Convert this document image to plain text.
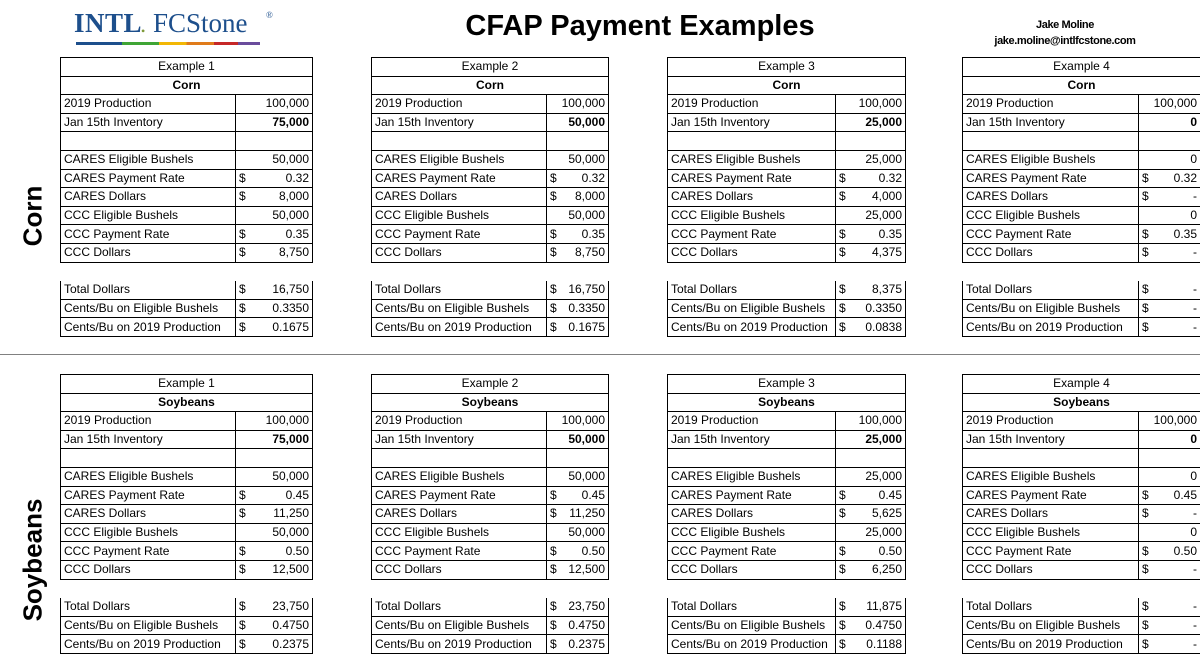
INTL
• FCStone ®	CFAP Payment Examples	Jake Moline
jake.moline@intlfcstone.com
Corn
Soybeans
Example 1	
Corn	
2019 Production	100,000
Jan 15th Inventory	75,000

CARES Eligible Bushels	50,000
CARES Payment Rate	$ 0.32

CARES Dollars	$ 8,000

CCC Eligible Bushels	50,000
CCC Payment Rate	$ 0.35

CCC Dollars	$ 8,750

Total Dollars	$ 16,750

Cents/Bu on Eligible Bushels	$ 0.3350

Cents/Bu on 2019 Production	$ 0.1675
Example 2	
Corn	
2019 Production	100,000
Jan 15th Inventory	50,000

CARES Eligible Bushels	50,000
CARES Payment Rate	$ 0.32

CARES Dollars	$ 8,000

CCC Eligible Bushels	50,000
CCC Payment Rate	$ 0.35

CCC Dollars	$ 8,750

Total Dollars	$ 16,750

Cents/Bu on Eligible Bushels	$ 0.3350

Cents/Bu on 2019 Production	$ 0.1675
Example 3	
Corn	
2019 Production	100,000
Jan 15th Inventory	25,000

CARES Eligible Bushels	25,000
CARES Payment Rate	$ 0.32

CARES Dollars	$ 4,000

CCC Eligible Bushels	25,000
CCC Payment Rate	$ 0.35

CCC Dollars	$ 4,375

Total Dollars	$ 8,375

Cents/Bu on Eligible Bushels	$ 0.3350

Cents/Bu on 2019 Production	$ 0.0838
Example 4	
Corn	
2019 Production	100,000
Jan 15th Inventory	0

CARES Eligible Bushels	0
CARES Payment Rate	$ 0.32

CARES Dollars	$ -

CCC Eligible Bushels	0
CCC Payment Rate	$ 0.35

CCC Dollars	$ -

Total Dollars	$ -

Cents/Bu on Eligible Bushels	$ -

Cents/Bu on 2019 Production	$ -
Example 1	
Soybeans	
2019 Production	100,000
Jan 15th Inventory	75,000

CARES Eligible Bushels	50,000
CARES Payment Rate	$ 0.45

CARES Dollars	$ 11,250

CCC Eligible Bushels	50,000
CCC Payment Rate	$ 0.50

CCC Dollars	$ 12,500

Total Dollars	$ 23,750

Cents/Bu on Eligible Bushels	$ 0.4750

Cents/Bu on 2019 Production	$ 0.2375
Example 2	
Soybeans	
2019 Production	100,000
Jan 15th Inventory	50,000

CARES Eligible Bushels	50,000
CARES Payment Rate	$ 0.45

CARES Dollars	$ 11,250

CCC Eligible Bushels	50,000
CCC Payment Rate	$ 0.50

CCC Dollars	$ 12,500

Total Dollars	$ 23,750

Cents/Bu on Eligible Bushels	$ 0.4750

Cents/Bu on 2019 Production	$ 0.2375
Example 3	
Soybeans	
2019 Production	100,000
Jan 15th Inventory	25,000

CARES Eligible Bushels	25,000
CARES Payment Rate	$ 0.45

CARES Dollars	$ 5,625

CCC Eligible Bushels	25,000
CCC Payment Rate	$ 0.50

CCC Dollars	$ 6,250

Total Dollars	$ 11,875

Cents/Bu on Eligible Bushels	$ 0.4750

Cents/Bu on 2019 Production	$ 0.1188
Example 4	
Soybeans	
2019 Production	100,000
Jan 15th Inventory	0

CARES Eligible Bushels	0
CARES Payment Rate	$ 0.45

CARES Dollars	$ -

CCC Eligible Bushels	0
CCC Payment Rate	$ 0.50

CCC Dollars	$ -

Total Dollars	$ -

Cents/Bu on Eligible Bushels	$ -

Cents/Bu on 2019 Production	$ -
